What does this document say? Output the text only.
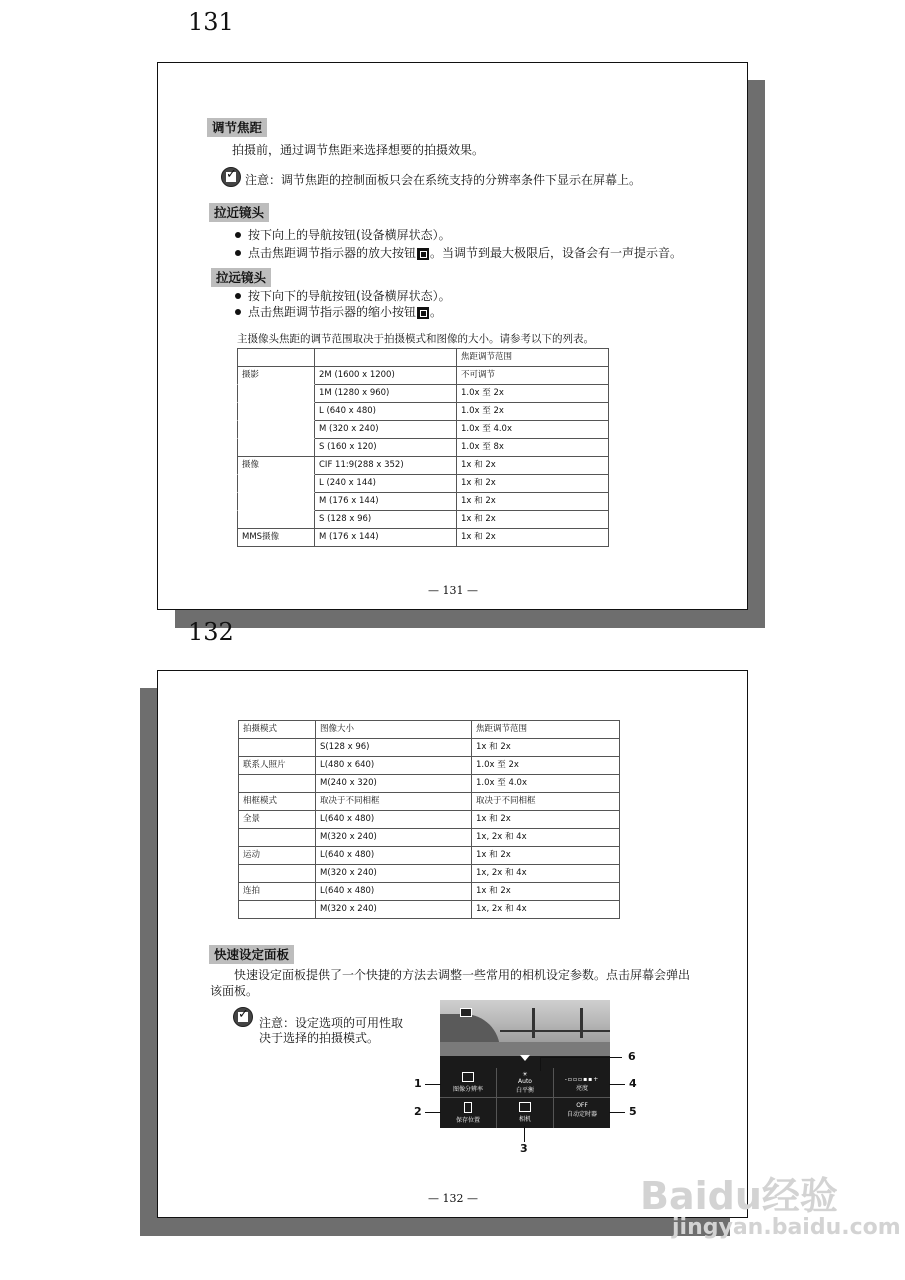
131
调节焦距
拍摄前，通过调节焦距来选择想要的拍摄效果。
✓
注意：调节焦距的控制面板只会在系统支持的分辨率条件下显示在屏幕上。
拉近镜头
按下向上的导航按钮(设备横屏状态）。
点击焦距调节指示器的放大按钮 。当调节到最大极限后，设备会有一声提示音。
拉远镜头
按下向下的导航按钮(设备横屏状态）。
点击焦距调节指示器的缩小按钮 。
主摄像头焦距的调节范围取决于拍摄模式和图像的大小。请参考以下的列表。
		焦距调节范围
摄影	2M (1600 x 1200)	不可调节
	1M (1280 x 960)	1.0x 至 2x
	L (640 x 480)	1.0x 至 2x
	M (320 x 240)	1.0x 至 4.0x
	S (160 x 120)	1.0x 至 8x
摄像	CIF 11:9(288 x 352)	1x 和 2x
	L (240 x 144)	1x 和 2x
	M (176 x 144)	1x 和 2x
	S (128 x 96)	1x 和 2x
MMS摄像	M (176 x 144)	1x 和 2x
— 131 —
132
拍摄模式	图像大小	焦距调节范围
	S(128 x 96)	1x 和 2x
联系人照片	L(480 x 640)	1.0x 至 2x
	M(240 x 320)	1.0x 至 4.0x
相框模式	取决于不同相框	取决于不同相框
全景	L(640 x 480)	1x 和 2x
	M(320 x 240)	1x, 2x 和 4x
运动	L(640 x 480)	1x 和 2x
	M(320 x 240)	1x, 2x 和 4x
连拍	L(640 x 480)	1x 和 2x
	M(320 x 240)	1x, 2x 和 4x
快速设定面板
快速设定面板提供了一个快捷的方法去调整一些常用的相机设定参数。点击屏幕会弹出
该面板。
✓
注意：设定选项的可用性取
决于选择的拍摄模式。
图像分辨率
☀
Auto
白平衡
-▫▫▫▪▪+
亮度
保存位置	相机
OFF
自动定时器
1
2
3
4
5
6
— 132 —	Baidu经验
jingyan.baidu.com
